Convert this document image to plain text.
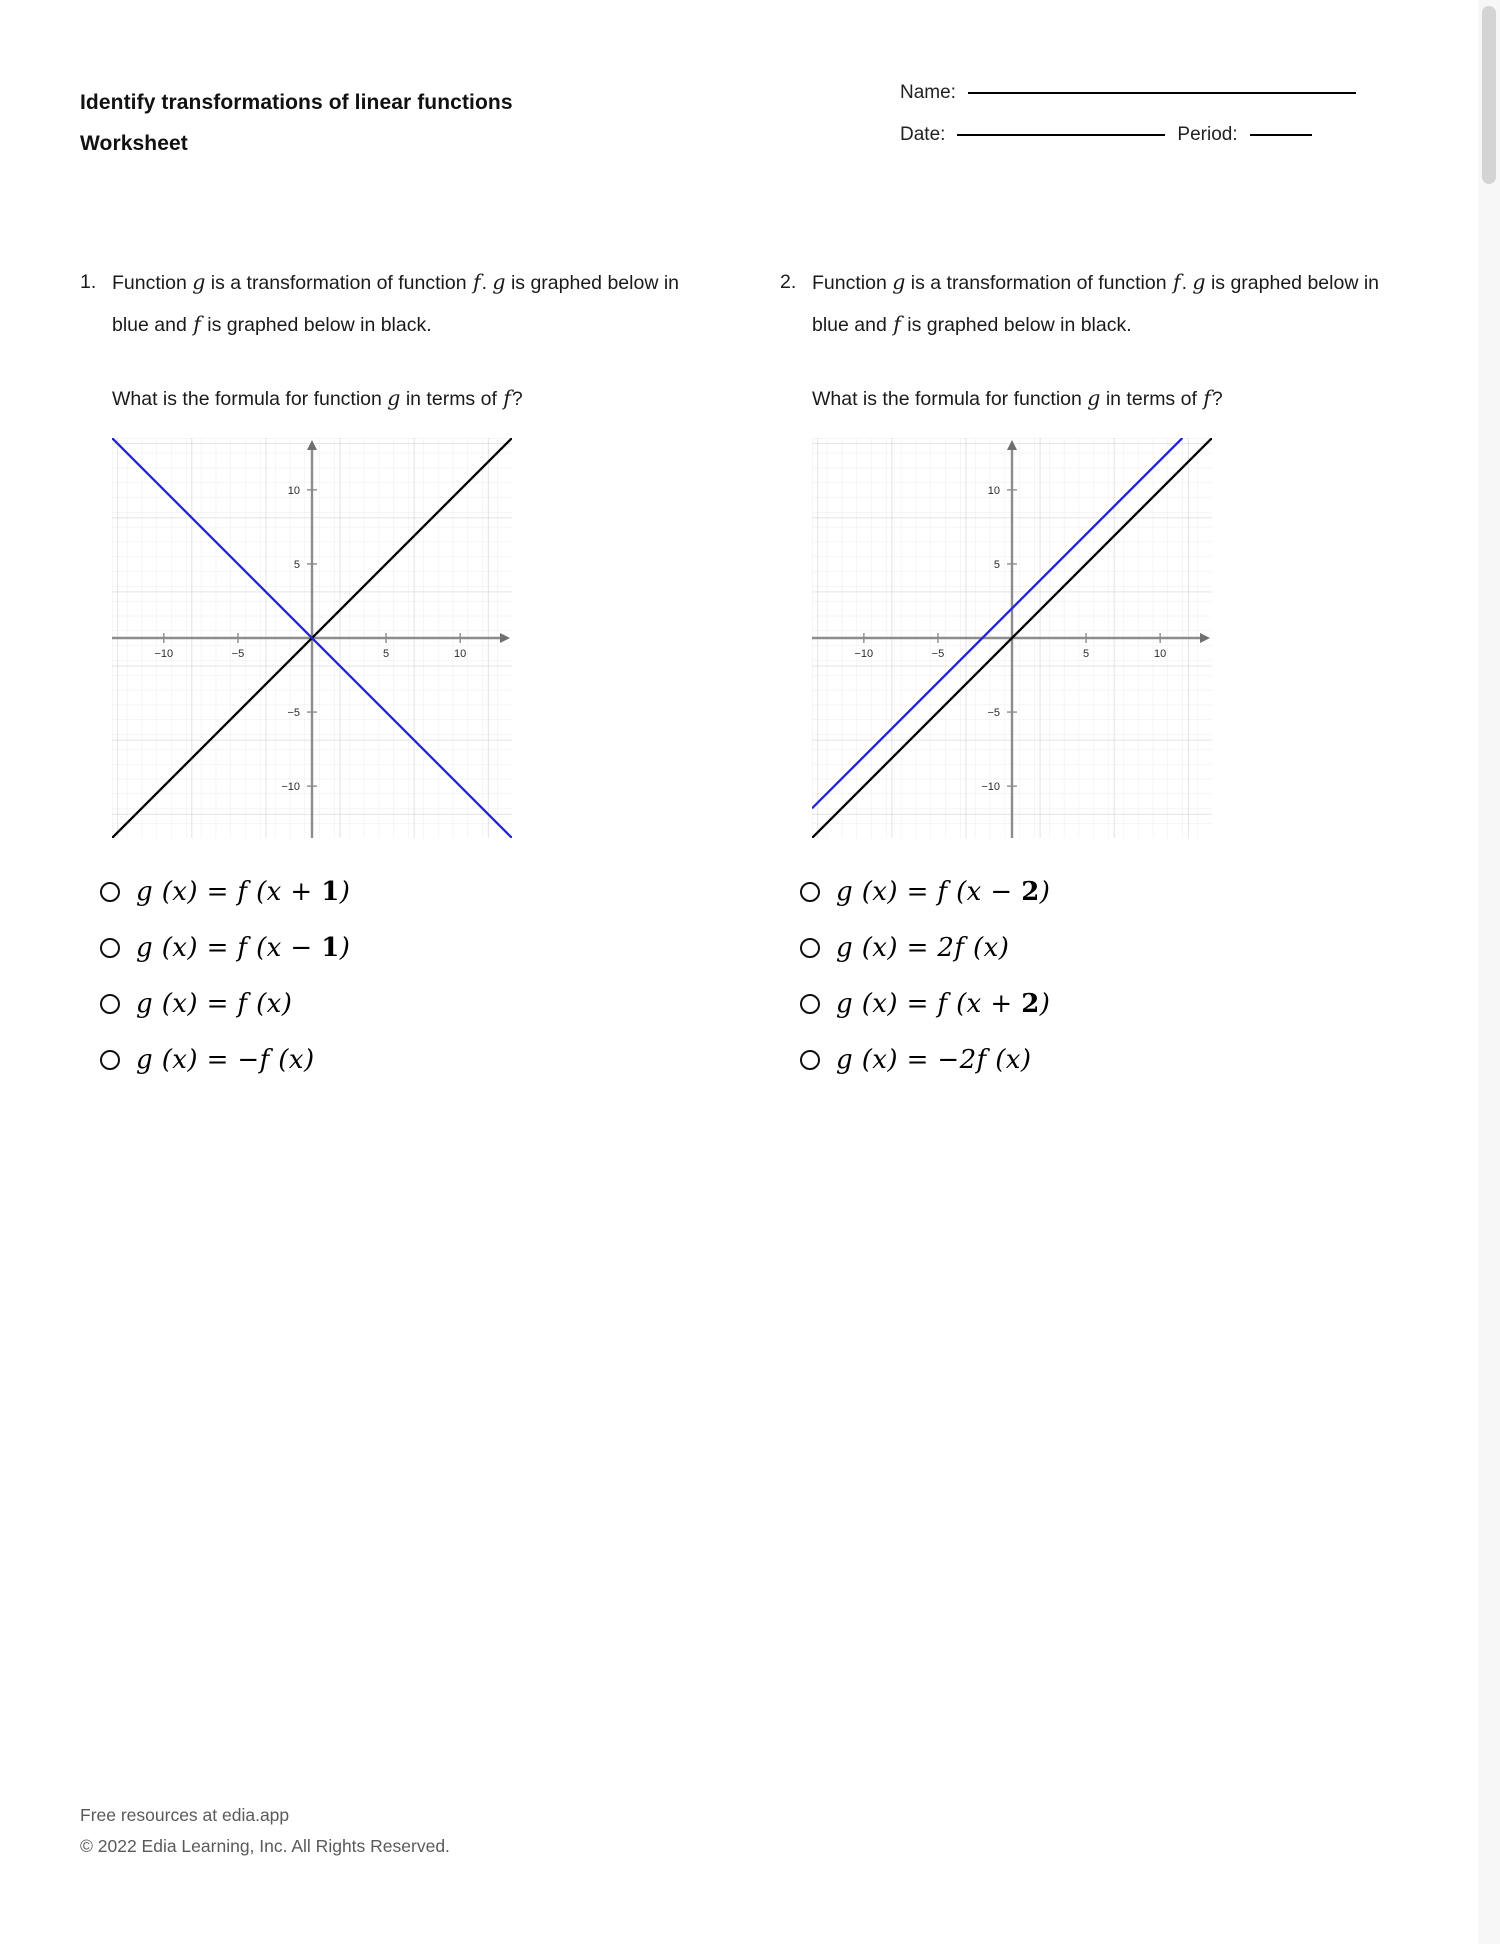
Identify transformations of linear functions
Worksheet
Name:
Date:	Period:
1. Function g is a transformation of function f. g is graphed below in blue and f is graphed below in black.
What is the formula for function g in terms of f?
−10	−5	5	10
10
5
−5
−10
g (x) = f (x + 1)
g (x) = f (x − 1)
g (x) = f (x)
g (x) = −f (x)
2. Function g is a transformation of function f. g is graphed below in blue and f is graphed below in black.
What is the formula for function g in terms of f?
−10	−5	5	10
10
5
−5
−10
g (x) = f (x − 2)
g (x) = 2f (x)
g (x) = f (x + 2)
g (x) = −2f (x)
Free resources at edia.app
© 2022 Edia Learning, Inc. All Rights Reserved.
